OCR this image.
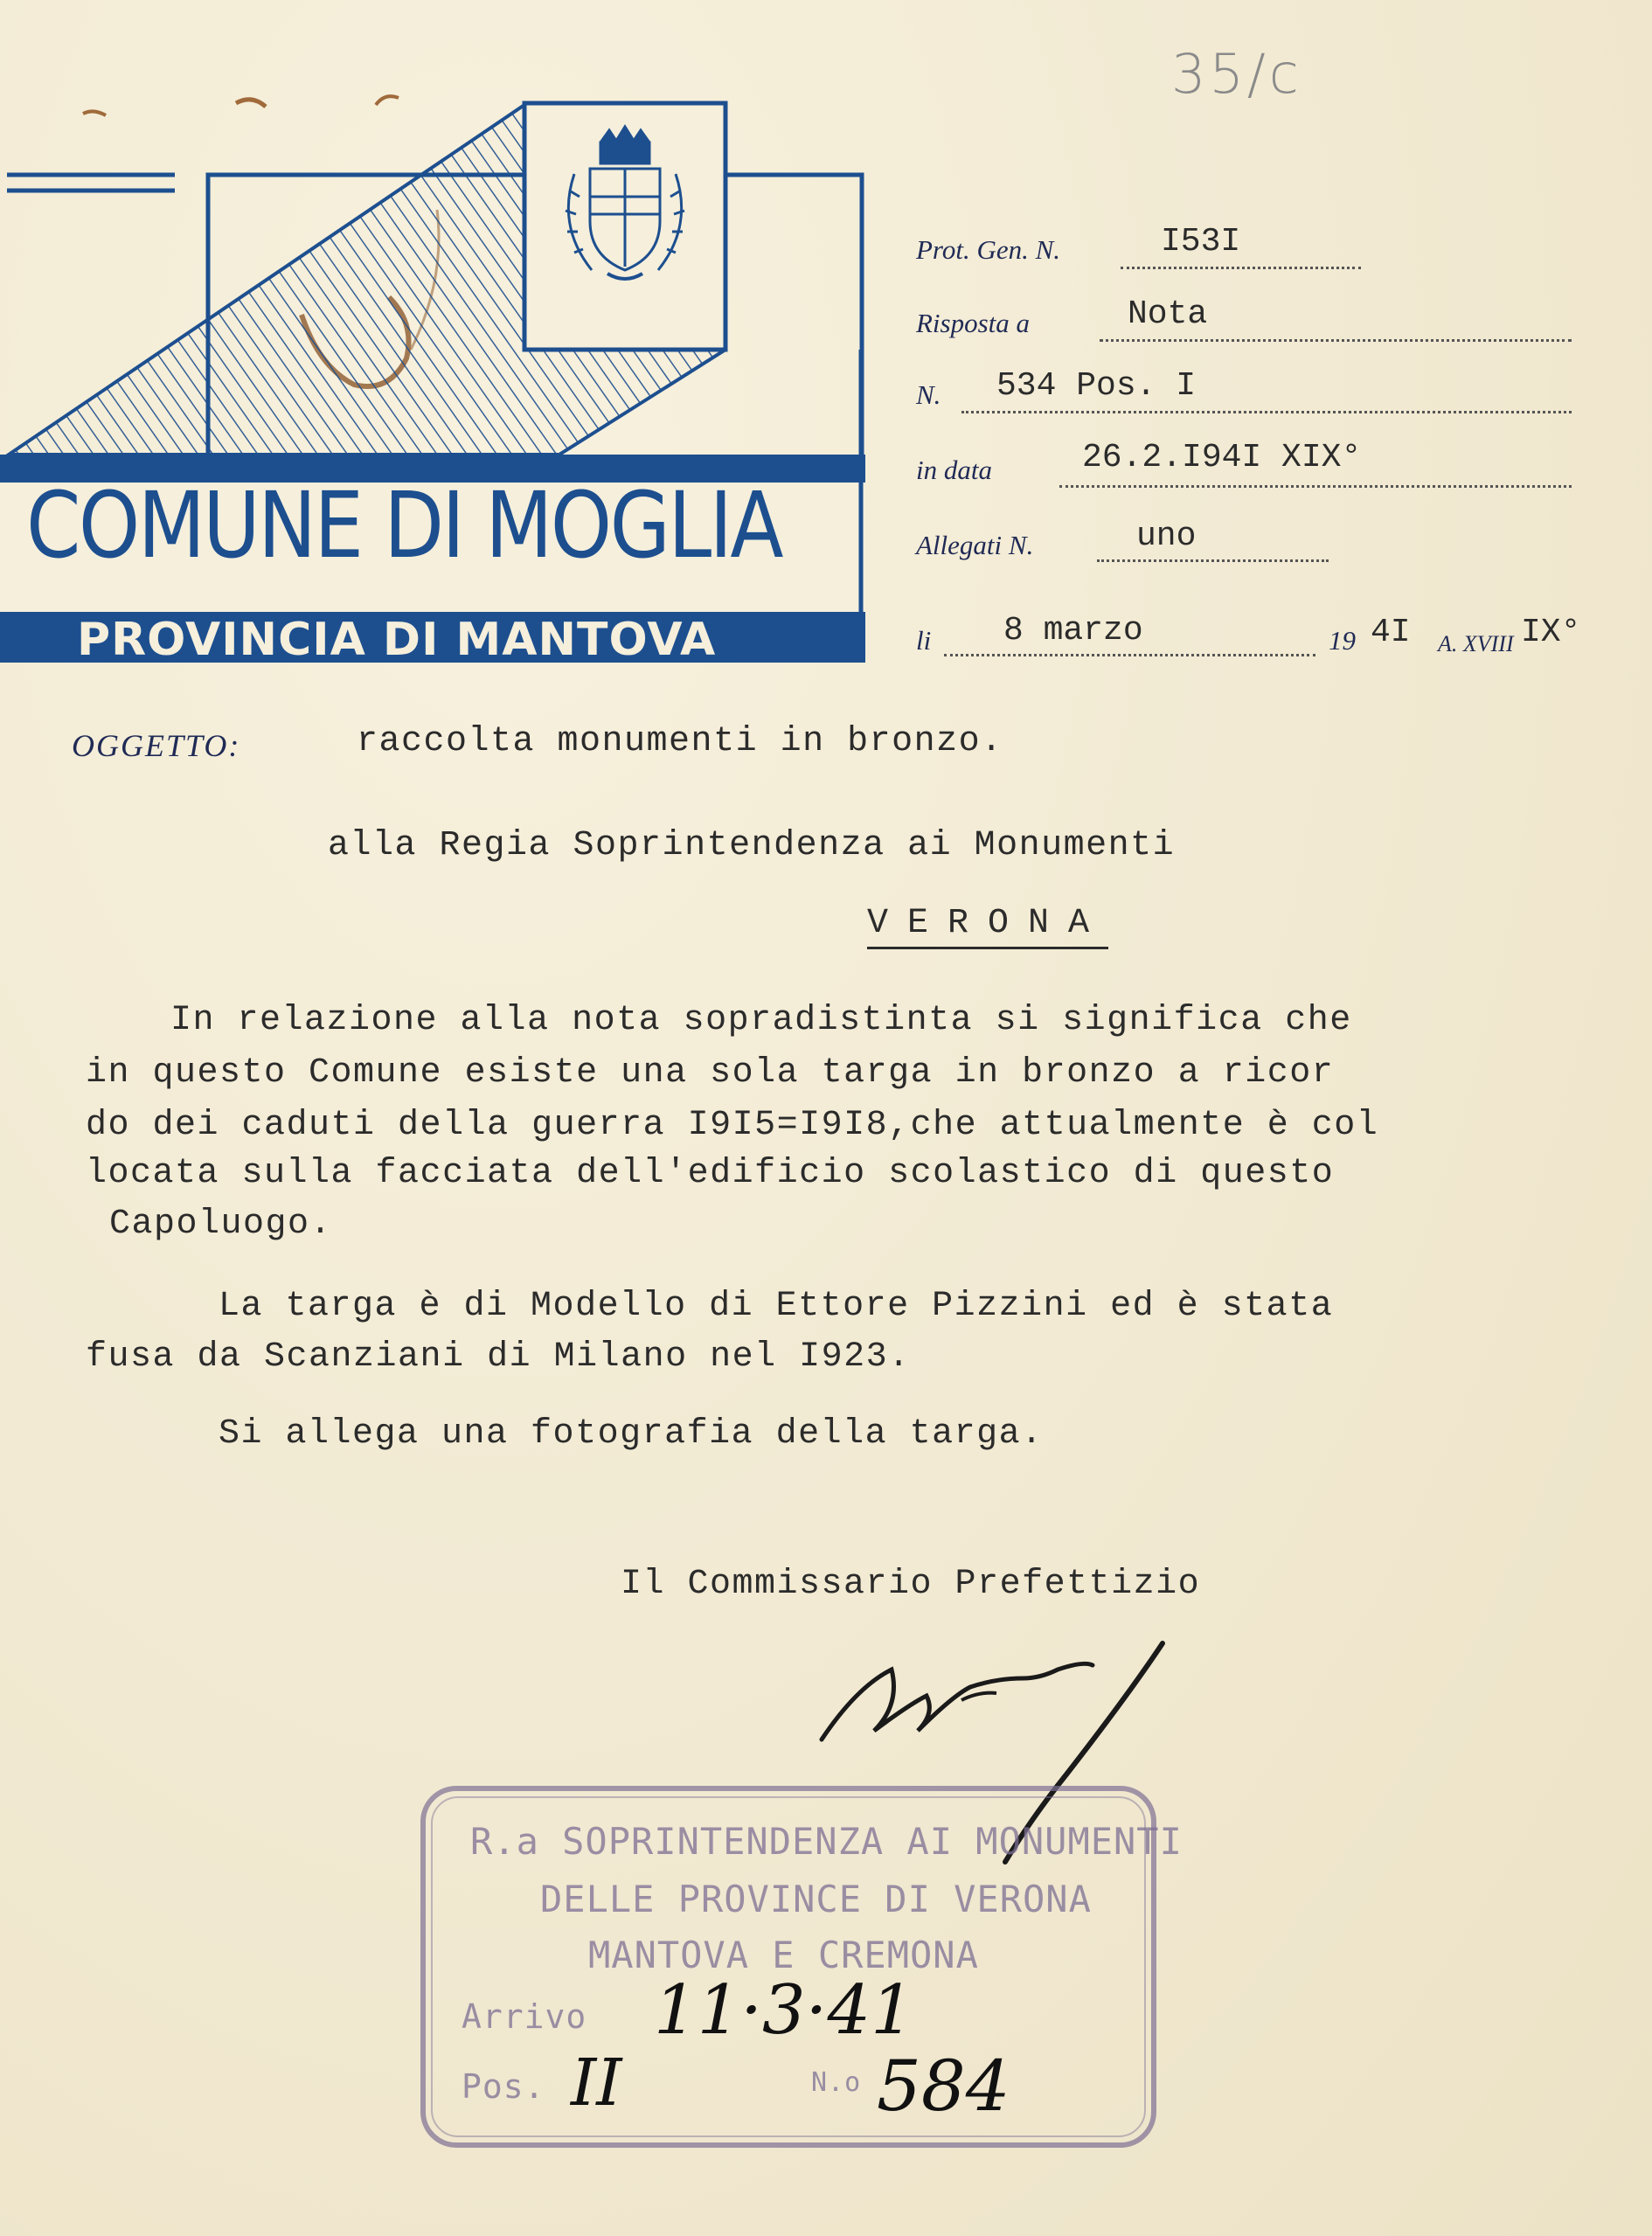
35/c
COMUNE DI MOGLIA
PROVINCIA DI MANTOVA
Prot. Gen. N.	I53I
Risposta a	Nota
N. 534 Pos. I
in data	26.2.I94I XIX°
Allegati N.	uno
li 8 marzo	19 4I A. XVIII IX°
OGGETTO:	raccolta monumenti in bronzo.
alla Regia Soprintendenza ai Monumenti
VERONA
In relazione alla nota sopradistinta si significa che
in questo Comune esiste una sola targa in bronzo a ricor
do dei caduti della guerra I9I5=I9I8,che attualmente è col
locata sulla facciata dell'edificio scolastico di questo
Capoluogo.
La targa è di Modello di Ettore Pizzini ed è stata
fusa da Scanziani di Milano nel I923.
Si allega una fotografia della targa.
Il Commissario Prefettizio
R.a SOPRINTENDENZA AI MONUMENTI
DELLE PROVINCE DI VERONA
MANTOVA E CREMONA
Arrivo 11·3·41
Pos. II	N.o 584
